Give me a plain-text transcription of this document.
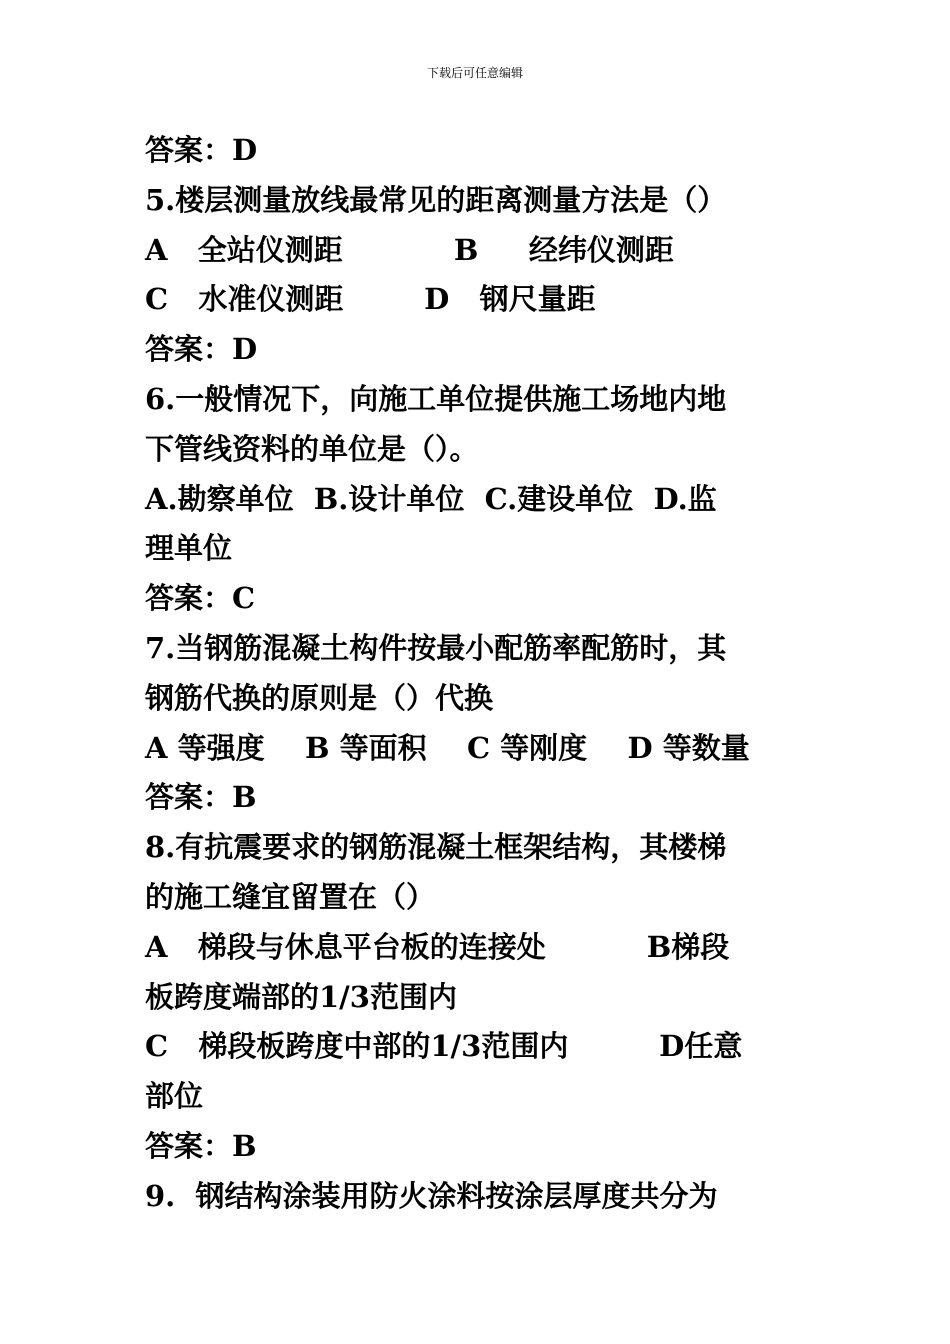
下载后可任意编辑
答案：D
5.楼层测量放线最常见的距离测量方法是（）
A   全站仪测距           B     经纬仪测距
C   水准仪测距        D   钢尺量距
答案：D
6.一般情况下，向施工单位提供施工场地内地
下管线资料的单位是（）。
A.勘察单位  B.设计单位  C.建设单位  D.监
理单位
答案：C
7.当钢筋混凝土构件按最小配筋率配筋时，其
钢筋代换的原则是（）代换
A 等强度    B 等面积    C 等刚度    D 等数量
答案：B
8.有抗震要求的钢筋混凝土框架结构，其楼梯
的施工缝宜留置在（）
A   梯段与休息平台板的连接处          B梯段
板跨度端部的1/3范围内
C   梯段板跨度中部的1/3范围内         D任意
部位
答案：B
9.  钢结构涂装用防火涂料按涂层厚度共分为
